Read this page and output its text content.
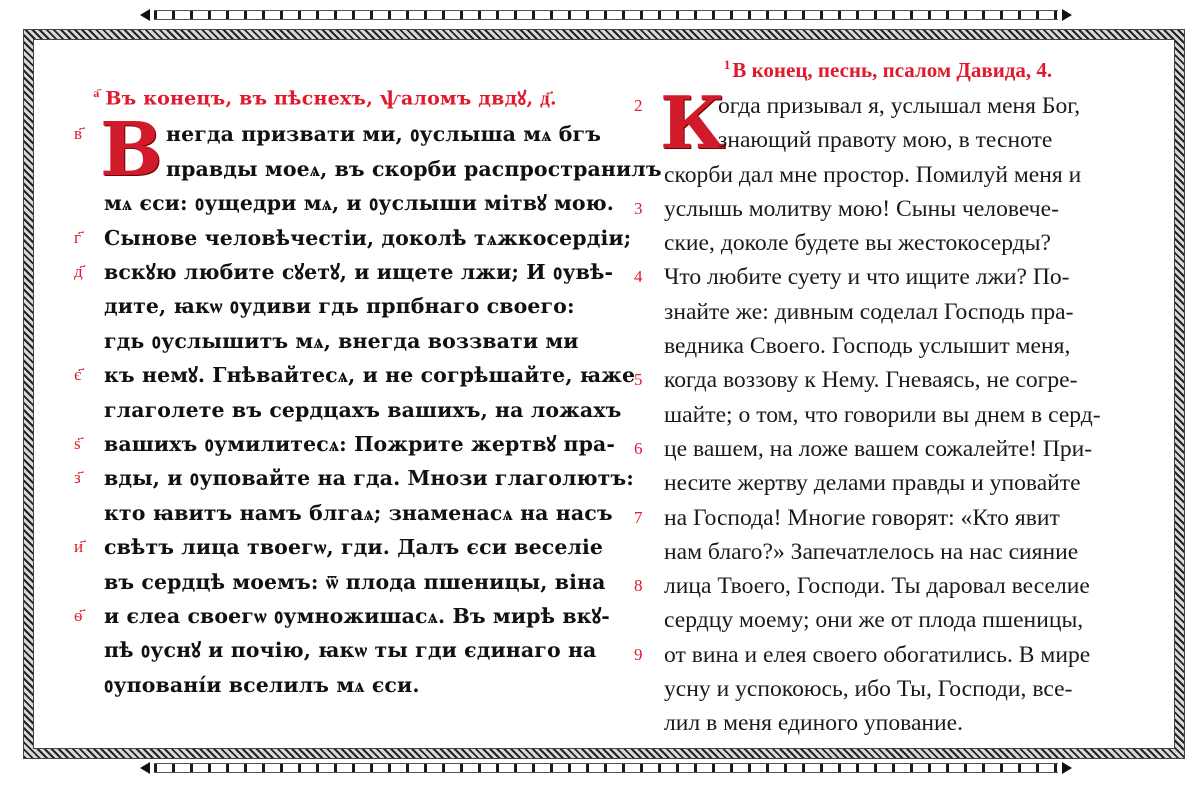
$^{а҃}$ Въ конецъ, въ пѣснехъ, ѱаломъ двдꙋ, д҃.
в҃ В негда призвати ми, ᲂуслыша мѧ бгъ
правды моеѧ, въ скорби распространилъ
мѧ єси: ᲂущедри мѧ, и ᲂуслыши мітвꙋ мою.
г҃ Сынове человѣчестіи, доколѣ тѧжкосердіи;
д҃ вскꙋю любите сꙋетꙋ, и ищете лжи; И ᲂувѣ-
дите, ꙗкѡ ᲂудиви гдь прпбнаго своего:
гдь ᲂуслышитъ мѧ, внегда воззвати ми
є҃ къ немꙋ. Гнѣвайтесѧ, и не согрѣшайте, ꙗже
глаголете въ сердцахъ вашихъ, на ложахъ
ѕ҃ вашихъ ᲂумилитесѧ: Пожрите жертвꙋ пра-
з҃ вды, и ᲂуповайте на гда. Мнози глаголютъ:
кто ꙗвитъ намъ блгаѧ; знаменасѧ на насъ
и҃ свѣтъ лица твоегѡ, гди. Далъ єси веселіе
въ сердцѣ моемъ: ѿ плода пшеницы, віна
ѳ҃ и єлеа своегѡ ᲂумножишасѧ. Въ мирѣ вкꙋ-
пѣ ᲂуснꙋ и почію, ꙗкѡ ты гди єдинаго на
ᲂуповані́и вселилъ мѧ єси.
$^1$В конец, песнь, псалом Давида, 4.
2 К
огда призывал я, услышал меня Бог,
знающий правоту мою, в тесноте
скорби дал мне простор. Помилуй меня и
3 услышь молитву мою! Сыны человече-
ские, доколе будете вы жестокосерды?
4 Что любите суету и что ищите лжи? По-
знайте же: дивным соделал Господь пра-
ведника Своего. Господь услышит меня,
5 когда воззову к Нему. Гневаясь, не согре-
шайте; о том, что говорили вы днем в серд-
6 це вашем, на ложе вашем сожалейте! При-
несите жертву делами правды и уповайте
7 на Господа! Многие говорят: «Кто явит
нам благо?» Запечатлелось на нас сияние
8 лица Твоего, Господи. Ты даровал веселие
сердцу моему; они же от плода пшеницы,
9 от вина и елея своего обогатились. В мире
усну и успокоюсь, ибо Ты, Господи, все-
лил в меня единого упование.
